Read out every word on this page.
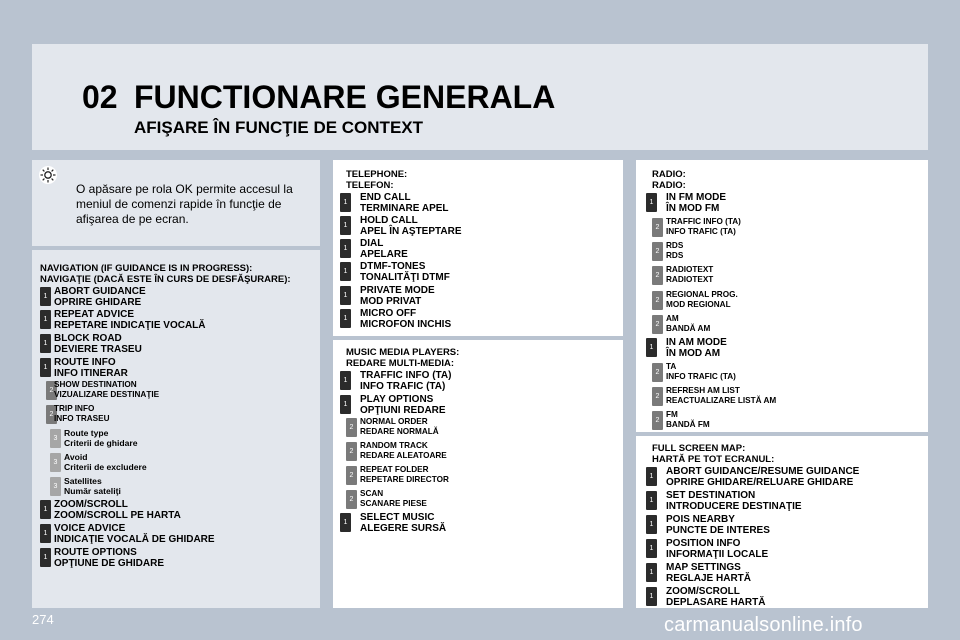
02 FUNCTIONARE GENERALA
AFIŞARE ÎN FUNCŢIE DE CONTEXT
O apăsare pe rola OK permite accesul la meniul de comenzi rapide în funcţie de afişarea de pe ecran.
274	carmanualsonline.info
NAVIGATION (IF GUIDANCE IS IN PROGRESS):
NAVIGAŢIE (DACĂ ESTE ÎN CURS DE DESFĂŞURARE):
1 ABORT GUIDANCE
OPRIRE GHIDARE
1 REPEAT ADVICE
REPETARE INDICAŢIE VOCALĂ
1 BLOCK ROAD
DEVIERE TRASEU
1 ROUTE INFO
INFO ITINERAR
2
SHOW DESTINATION
VIZUALIZARE DESTINAŢIE
2
TRIP INFO
INFO TRASEU
3
Route type
Criterii de ghidare
3
Avoid
Criterii de excludere
3
Satellites
Număr sateliţi
1 ZOOM/SCROLL
ZOOM/SCROLL PE HARTA
1 VOICE ADVICE
INDICAŢIE VOCALĂ DE GHIDARE
1 ROUTE OPTIONS
OPŢIUNE DE GHIDARE
TELEPHONE:
TELEFON:
1	END CALL
TERMINARE APEL
1	HOLD CALL
APEL ÎN AŞTEPTARE
1	DIAL
APELARE
1	DTMF-TONES
TONALITĂŢI DTMF
1	PRIVATE MODE
MOD PRIVAT
1	MICRO OFF
MICROFON INCHIS
MUSIC MEDIA PLAYERS:
REDARE MULTI-MEDIA:
1	TRAFFIC INFO (TA)
INFO TRAFIC (TA)
1	PLAY OPTIONS
OPŢIUNI REDARE
2
NORMAL ORDER
REDARE NORMALĂ
2
RANDOM TRACK
REDARE ALEATOARE
2
REPEAT FOLDER
REPETARE DIRECTOR
2
SCAN
SCANARE PIESE
1	SELECT MUSIC
ALEGERE SURSĂ
RADIO:
RADIO:
1	IN FM MODE
ÎN MOD FM
2
TRAFFIC INFO (TA)
INFO TRAFIC (TA)
2
RDS
RDS
2
RADIOTEXT
RADIOTEXT
2
REGIONAL PROG.
MOD REGIONAL
2
AM
BANDĂ AM
1	IN AM MODE
ÎN MOD AM
2
TA
INFO TRAFIC (TA)
2
REFRESH AM LIST
REACTUALIZARE LISTĂ AM
2
FM
BANDĂ FM
FULL SCREEN MAP:
HARTĂ PE TOT ECRANUL:
1	ABORT GUIDANCE/RESUME GUIDANCE
OPRIRE GHIDARE/RELUARE GHIDARE
1	SET DESTINATION
INTRODUCERE DESTINAŢIE
1	POIS NEARBY
PUNCTE DE INTERES
1	POSITION INFO
INFORMAŢII LOCALE
1	MAP SETTINGS
REGLAJE HARTĂ
1	ZOOM/SCROLL
DEPLASARE HARTĂ
